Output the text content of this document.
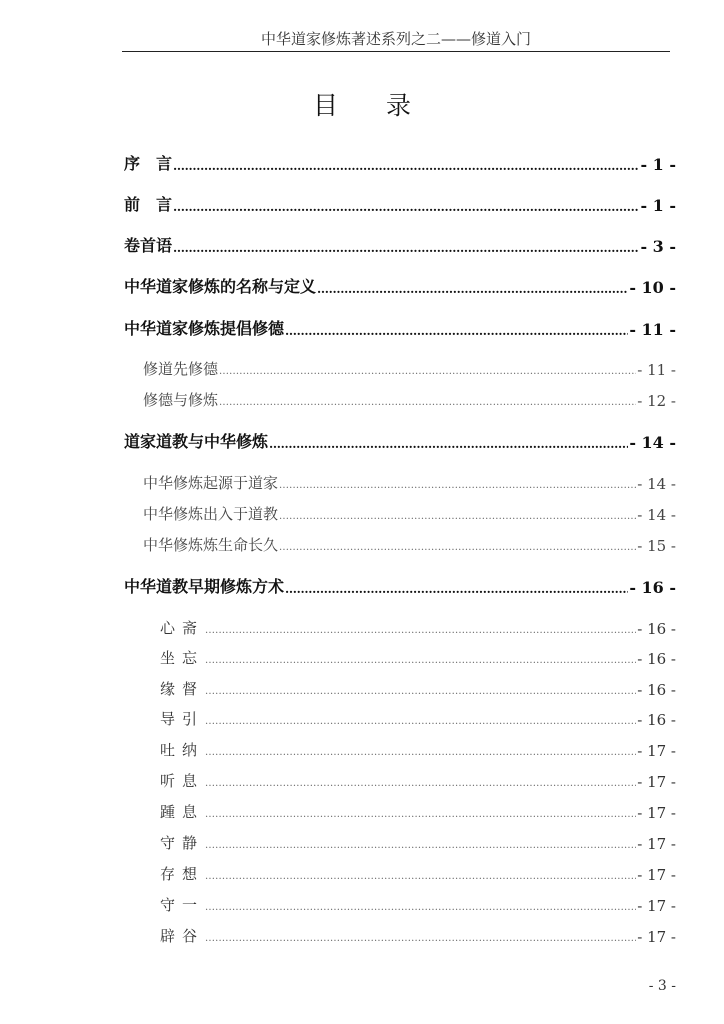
中华道家修炼著述系列之二——修道入门
目 录
序　言 .....	- 1 -
前　言 .....	- 1 -
卷首语 .....	- 3 -
中华道家修炼的名称与定义 .....	- 10 -
中华道家修炼提倡修德 .....	- 11 -
修道先修德 .....	- 11 -
修德与修炼 .....	- 12 -
道家道教与中华修炼 .....	- 14 -
中华修炼起源于道家 .....	- 14 -
中华修炼出入于道教 .....	- 14 -
中华修炼炼生命长久 .....	- 15 -
中华道教早期修炼方术 .....	- 16 -
心斋 .....	- 16 -
坐忘 .....	- 16 -
缘督 .....	- 16 -
导引 .....	- 16 -
吐纳 .....	- 17 -
听息 .....	- 17 -
踵息 .....	- 17 -
守静 .....	- 17 -
存想 .....	- 17 -
守一 .....	- 17 -
辟谷 .....	- 17 -
- 3 -
